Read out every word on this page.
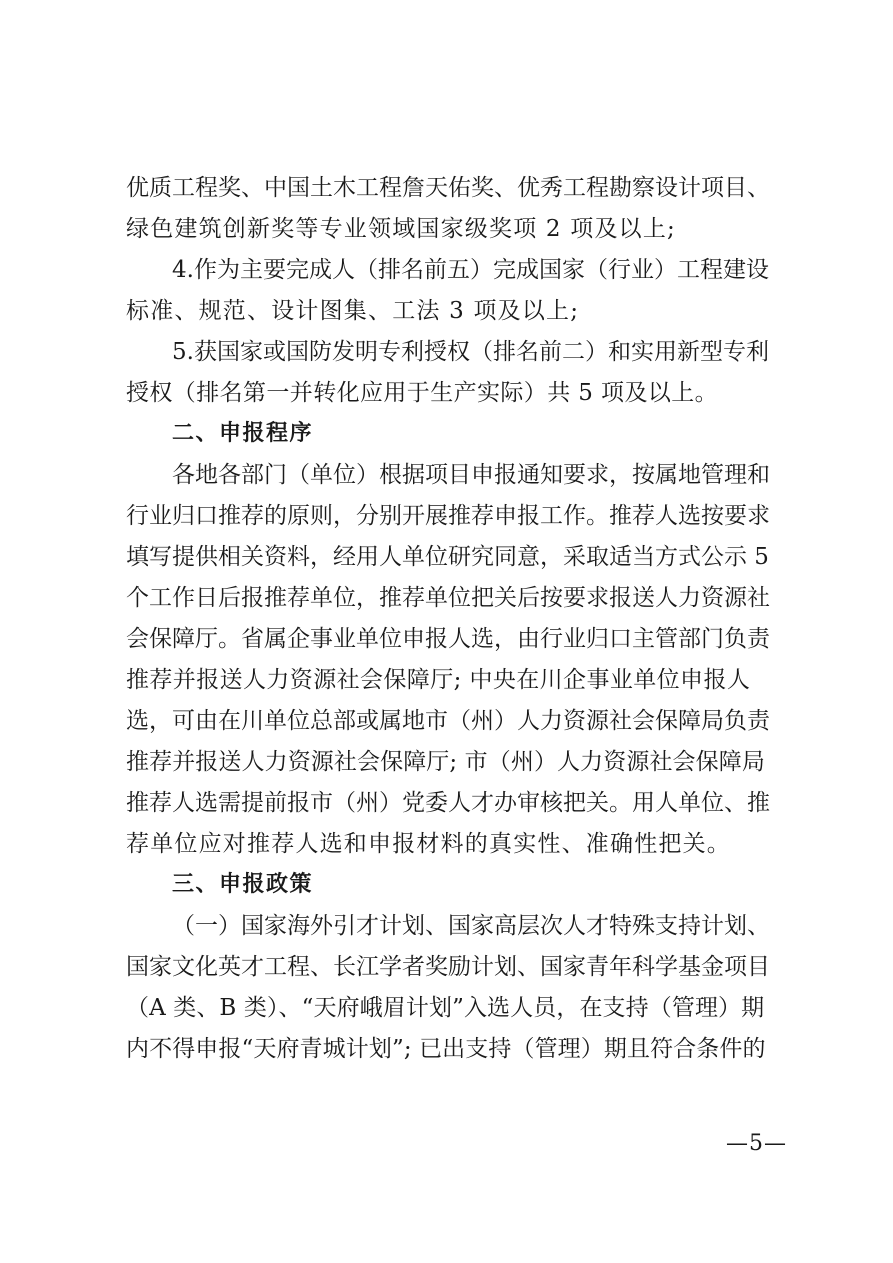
优质工程奖、中国土木工程詹天佑奖、优秀工程勘察设计项目、
绿色建筑创新奖等专业领域国家级奖项 2 项及以上;
4.作为主要完成人（排名前五）完成国家（行业）工程建设
标准、规范、设计图集、工法 3 项及以上;
5.获国家或国防发明专利授权（排名前二）和实用新型专利
授权（排名第一并转化应用于生产实际）共 5 项及以上。
二、申报程序
各地各部门（单位）根据项目申报通知要求，按属地管理和
行业归口推荐的原则，分别开展推荐申报工作。推荐人选按要求
填写提供相关资料，经用人单位研究同意，采取适当方式公示 5
个工作日后报推荐单位，推荐单位把关后按要求报送人力资源社
会保障厅。省属企事业单位申报人选，由行业归口主管部门负责
推荐并报送人力资源社会保障厅; 中央在川企事业单位申报人
选，可由在川单位总部或属地市（州）人力资源社会保障局负责
推荐并报送人力资源社会保障厅; 市（州）人力资源社会保障局
推荐人选需提前报市（州）党委人才办审核把关。用人单位、推
荐单位应对推荐人选和申报材料的真实性、准确性把关。
三、申报政策
（一）国家海外引才计划、国家高层次人才特殊支持计划、
国家文化英才工程、长江学者奖励计划、国家青年科学基金项目
（A 类、B 类）、“天府峨眉计划”入选人员，在支持（管理）期
内不得申报“天府青城计划”; 已出支持（管理）期且符合条件的
—5—
